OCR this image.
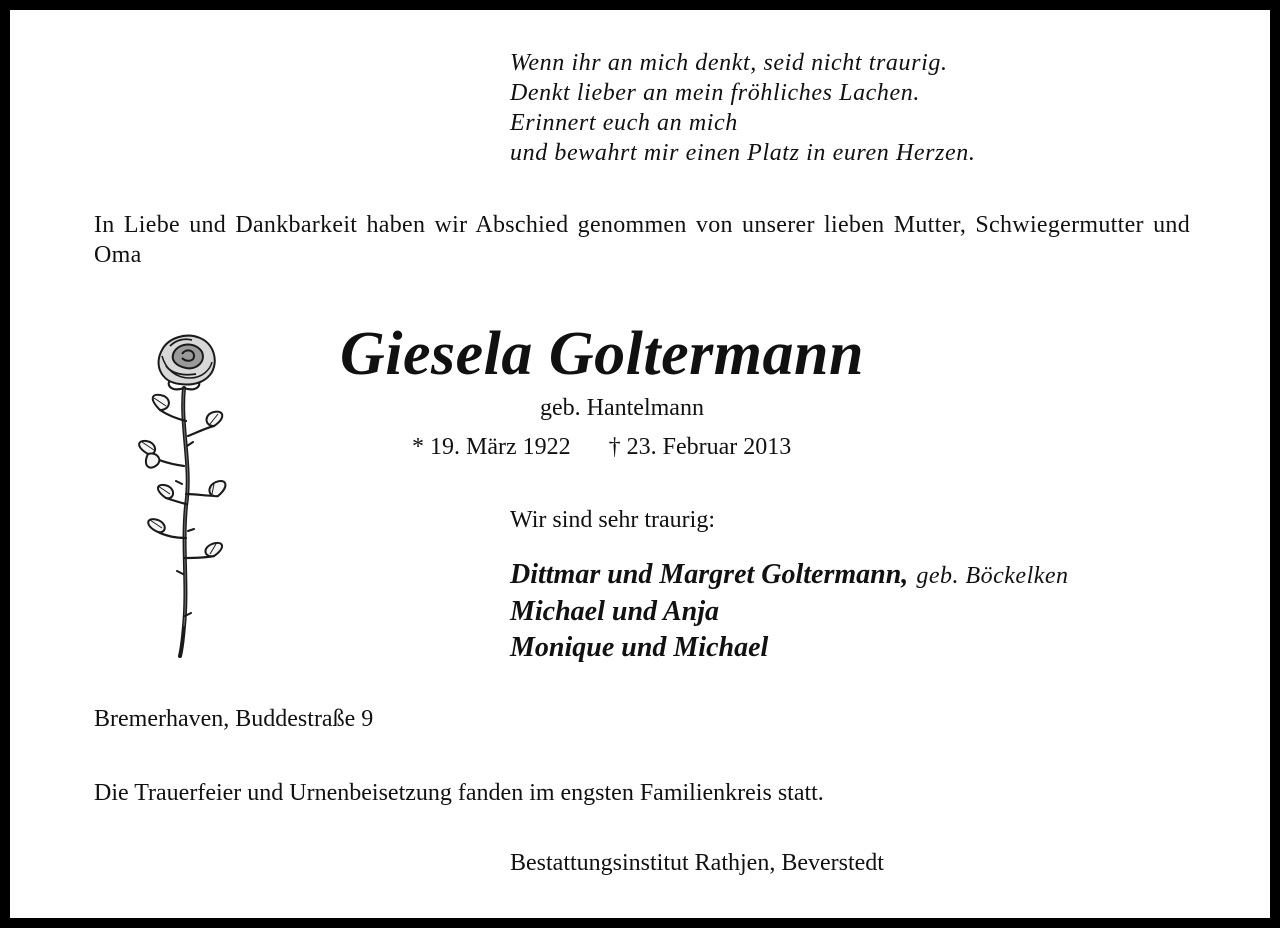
Wenn ihr an mich denkt, seid nicht traurig.
Denkt lieber an mein fröhliches Lachen.
Erinnert euch an mich
und bewahrt mir einen Platz in euren Herzen.
In Liebe und Dankbarkeit haben wir Abschied genommen von unserer lieben Mutter, Schwiegermutter und Oma
Giesela Goltermann
geb. Hantelmann
* 19. März 1922 † 23. Februar 2013
Wir sind sehr traurig:
Dittmar und Margret Goltermann, geb. Böckelken
Michael und Anja
Monique und Michael
Bremerhaven, Buddestraße 9
Die Trauerfeier und Urnenbeisetzung fanden im engsten Familienkreis statt.
Bestattungsinstitut Rathjen, Beverstedt
